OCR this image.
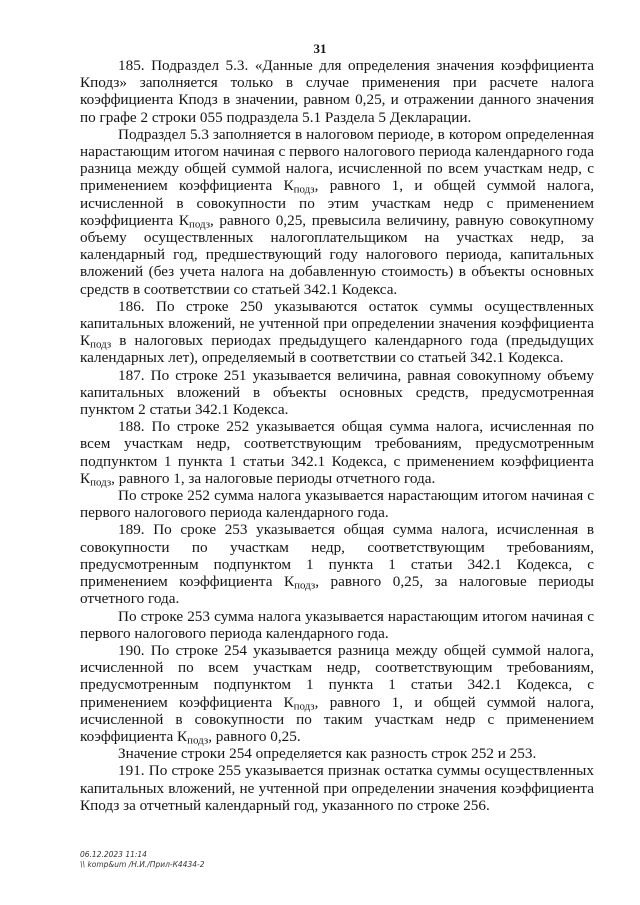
31

185. Подраздел 5.3. «Данные для определения значения коэффициента Кподз» заполняется только в случае применения при расчете налога коэффициента Кподз в значении, равном 0,25, и отражении данного значения по графе 2 строки 055 подраздела 5.1 Раздела 5 Декларации.

Подраздел 5.3 заполняется в налоговом периоде, в котором определенная нарастающим итогом начиная с первого налогового периода календарного года разница между общей суммой налога, исчисленной по всем участкам недр, с применением коэффициента $К_{подз}$, равного 1, и общей суммой налога, исчисленной в совокупности по этим участкам недр с применением коэффициента $К_{подз}$, равного 0,25, превысила величину, равную совокупному объему осуществленных налогоплательщиком на участках недр, за календарный год, предшествующий году налогового периода, капитальных вложений (без учета налога на добавленную стоимость) в объекты основных средств в соответствии со статьей 342.1 Кодекса.

186. По строке 250 указываются остаток суммы осуществленных капитальных вложений, не учтенной при определении значения коэффициента $К_{подз}$ в налоговых периодах предыдущего календарного года (предыдущих календарных лет), определяемый в соответствии со статьей 342.1 Кодекса.

187. По строке 251 указывается величина, равная совокупному объему капитальных вложений в объекты основных средств, предусмотренная пунктом 2 статьи 342.1 Кодекса.

188. По строке 252 указывается общая сумма налога, исчисленная по всем участкам недр, соответствующим требованиям, предусмотренным подпунктом 1 пункта 1 статьи 342.1 Кодекса, с применением коэффициента $К_{подз}$, равного 1, за налоговые периоды отчетного года.

По строке 252 сумма налога указывается нарастающим итогом начиная с первого налогового периода календарного года.

189. По сроке 253 указывается общая сумма налога, исчисленная в совокупности по участкам недр, соответствующим требованиям, предусмотренным подпунктом 1 пункта 1 статьи 342.1 Кодекса, с применением коэффициента $К_{подз}$, равного 0,25, за налоговые периоды отчетного года.

По строке 253 сумма налога указывается нарастающим итогом начиная с первого налогового периода календарного года.

190. По строке 254 указывается разница между общей суммой налога, исчисленной по всем участкам недр, соответствующим требованиям, предусмотренным подпунктом 1 пункта 1 статьи 342.1 Кодекса, с применением коэффициента $К_{подз}$, равного 1, и общей суммой налога, исчисленной в совокупности по таким участкам недр с применением коэффициента $К_{подз}$, равного 0,25.

Значение строки 254 определяется как разность строк 252 и 253.

191. По строке 255 указывается признак остатка суммы осуществленных капитальных вложений, не учтенной при определении значения коэффициента Кподз за отчетный календарный год, указанного по строке 256.

06.12.2023 11:14
\\ komp&um /Н.И./Прил-К4434-2
